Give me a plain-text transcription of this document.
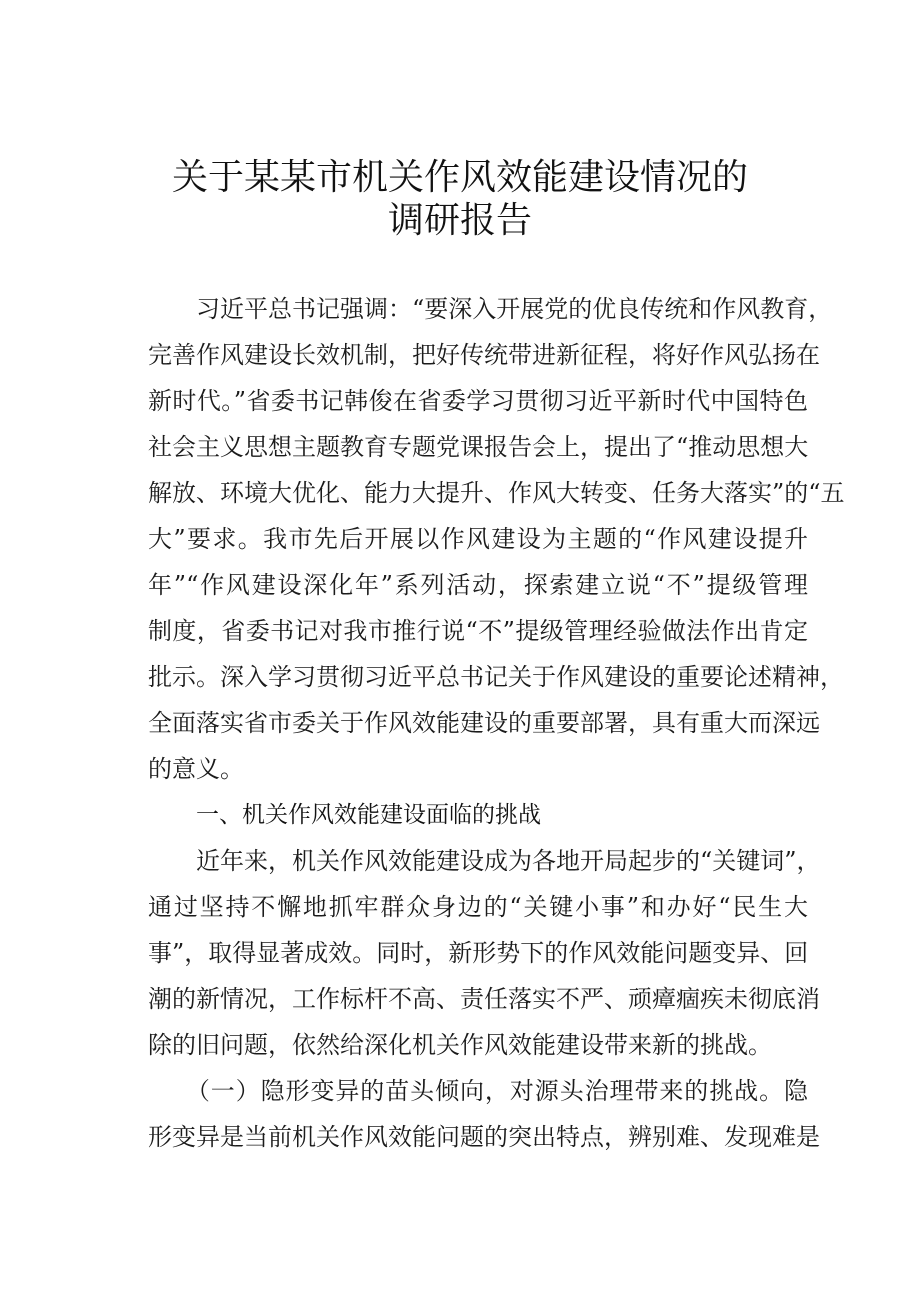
关于某某市机关作风效能建设情况的
调研报告
　　习近平总书记强调：“要深入开展党的优良传统和作风教育，
完善作风建设长效机制，把好传统带进新征程，将好作风弘扬在
新时代。”省委书记韩俊在省委学习贯彻习近平新时代中国特色
社会主义思想主题教育专题党课报告会上，提出了“推动思想大
解放、环境大优化、能力大提升、作风大转变、任务大落实”的“五
大”要求。我市先后开展以作风建设为主题的“作风建设提升
年”“作风建设深化年”系列活动，探索建立说“不”提级管理
制度，省委书记对我市推行说“不”提级管理经验做法作出肯定
批示。深入学习贯彻习近平总书记关于作风建设的重要论述精神，
全面落实省市委关于作风效能建设的重要部署，具有重大而深远
的意义。
一、机关作风效能建设面临的挑战
　　近年来，机关作风效能建设成为各地开局起步的“关键词”，
通过坚持不懈地抓牢群众身边的“关键小事”和办好“民生大
事”，取得显著成效。同时，新形势下的作风效能问题变异、回
潮的新情况，工作标杆不高、责任落实不严、顽瘴痼疾未彻底消
除的旧问题，依然给深化机关作风效能建设带来新的挑战。
　　（一）隐形变异的苗头倾向，对源头治理带来的挑战。隐
形变异是当前机关作风效能问题的突出特点，辨别难、发现难是
